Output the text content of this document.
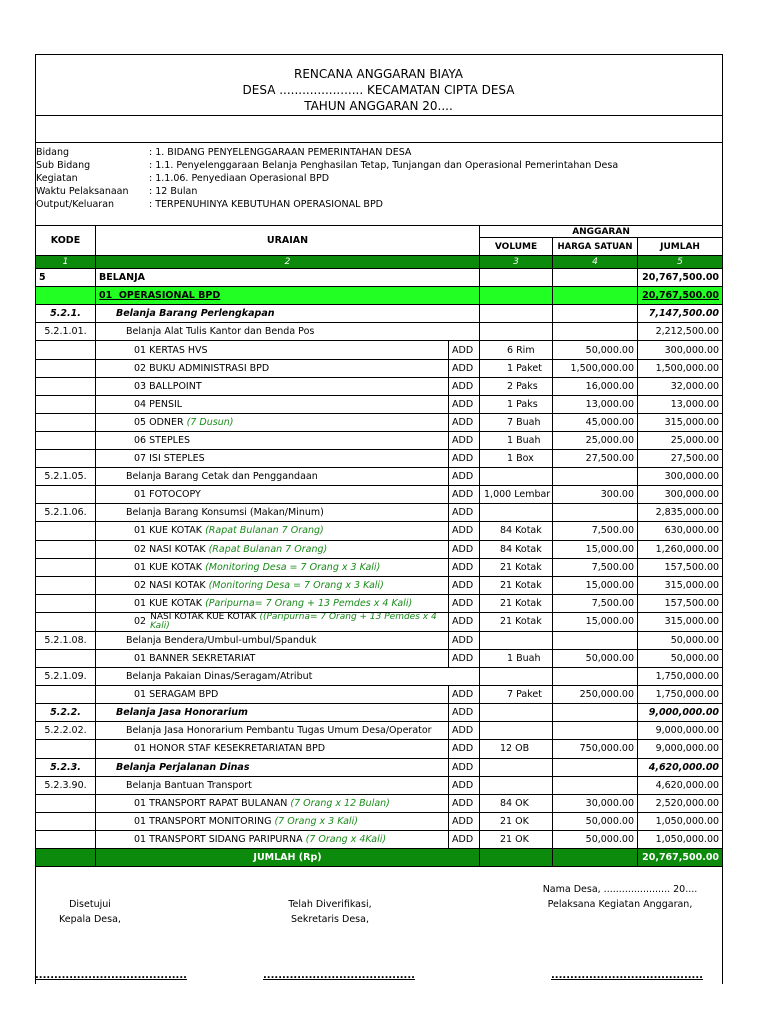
RENCANA ANGGARAN BIAYA
DESA ...................... KECAMATAN CIPTA DESA
TAHUN ANGGARAN 20....
Bidang	: 1. BIDANG PENYELENGGARAAN PEMERINTAHAN DESA
Sub Bidang	: 1.1. Penyelenggaraan Belanja Penghasilan Tetap, Tunjangan dan Operasional Pemerintahan Desa
Kegiatan	: 1.1.06. Penyediaan Operasional BPD
Waktu Pelaksanaan	: 12 Bulan
Output/Keluaran	: TERPENUHINYA KEBUTUHAN OPERASIONAL BPD
KODE	URAIAN		ANGGARAN		
			VOLUME	HARGA SATUAN	JUMLAH
1	2		3	4	5
5	BELANJA				20,767,500.00
	01 OPERASIONAL BPD				20,767,500.00
5.2.1.	Belanja Barang Perlengkapan				7,147,500.00
5.2.1.01.	Belanja Alat Tulis Kantor dan Benda Pos				2,212,500.00
	01 KERTAS HVS	ADD	6 Rim	50,000.00	300,000.00
	02 BUKU ADMINISTRASI BPD	ADD	1 Paket	1,500,000.00	1,500,000.00
	03 BALLPOINT	ADD	2 Paks	16,000.00	32,000.00
	04 PENSIL	ADD	1 Paks	13,000.00	13,000.00
	05 ODNER (7 Dusun)	ADD	7 Buah	45,000.00	315,000.00
	06 STEPLES	ADD	1 Buah	25,000.00	25,000.00
	07 ISI STEPLES	ADD	1 Box	27,500.00	27,500.00
5.2.1.05.	Belanja Barang Cetak dan Penggandaan	ADD			300,000.00
	01 FOTOCOPY	ADD	1,000 Lembar	300.00	300,000.00
5.2.1.06.	Belanja Barang Konsumsi (Makan/Minum)	ADD			2,835,000.00
	01 KUE KOTAK (Rapat Bulanan 7 Orang)	ADD	84 Kotak	7,500.00	630,000.00
	02 NASI KOTAK (Rapat Bulanan 7 Orang)	ADD	84 Kotak	15,000.00	1,260,000.00
	01 KUE KOTAK (Monitoring Desa = 7 Orang x 3 Kali)	ADD	21 Kotak	7,500.00	157,500.00
	02 NASI KOTAK (Monitoring Desa = 7 Orang x 3 Kali)	ADD	21 Kotak	15,000.00	315,000.00
	01 KUE KOTAK (Paripurna= 7 Orang + 13 Pemdes x 4 Kali)	ADD	21 Kotak	7,500.00	157,500.00

	02 NASI KOTAK KUE KOTAK ((Paripurna= 7 Orang + 13 Pemdes x 4 Kali)	ADD	21 Kotak	15,000.00	315,000.00
5.2.1.08.	Belanja Bendera/Umbul-umbul/Spanduk	ADD			50,000.00
	01 BANNER SEKRETARIAT	ADD	1 Buah	50,000.00	50,000.00
5.2.1.09.	Belanja Pakaian Dinas/Seragam/Atribut				1,750,000.00
	01 SERAGAM BPD	ADD	7 Paket	250,000.00	1,750,000.00
5.2.2.	Belanja Jasa Honorarium	ADD			9,000,000.00
5.2.2.02.	Belanja Jasa Honorarium Pembantu Tugas Umum Desa/Operator	ADD			9,000,000.00
	01 HONOR STAF KESEKRETARIATAN BPD	ADD	12 OB	750,000.00	9,000,000.00
5.2.3.	Belanja Perjalanan Dinas	ADD			4,620,000.00
5.2.3.90.	Belanja Bantuan Transport	ADD			4,620,000.00
	01 TRANSPORT RAPAT BULANAN (7 Orang x 12 Bulan)	ADD	84 OK	30,000.00	2,520,000.00
	01 TRANSPORT MONITORING (7 Orang x 3 Kali)	ADD	21 OK	50,000.00	1,050,000.00
	01 TRANSPORT SIDANG PARIPURNA (7 Orang x 4Kali)	ADD	21 OK	50,000.00	1,050,000.00
	JUMLAH (Rp)				20,767,500.00
Disetujui
Kepala Desa,
Telah Diverifikasi,
Sekretaris Desa,
Nama Desa, ...................... 20....
Pelaksana Kegiatan Anggaran,
........................................	........................................	........................................
